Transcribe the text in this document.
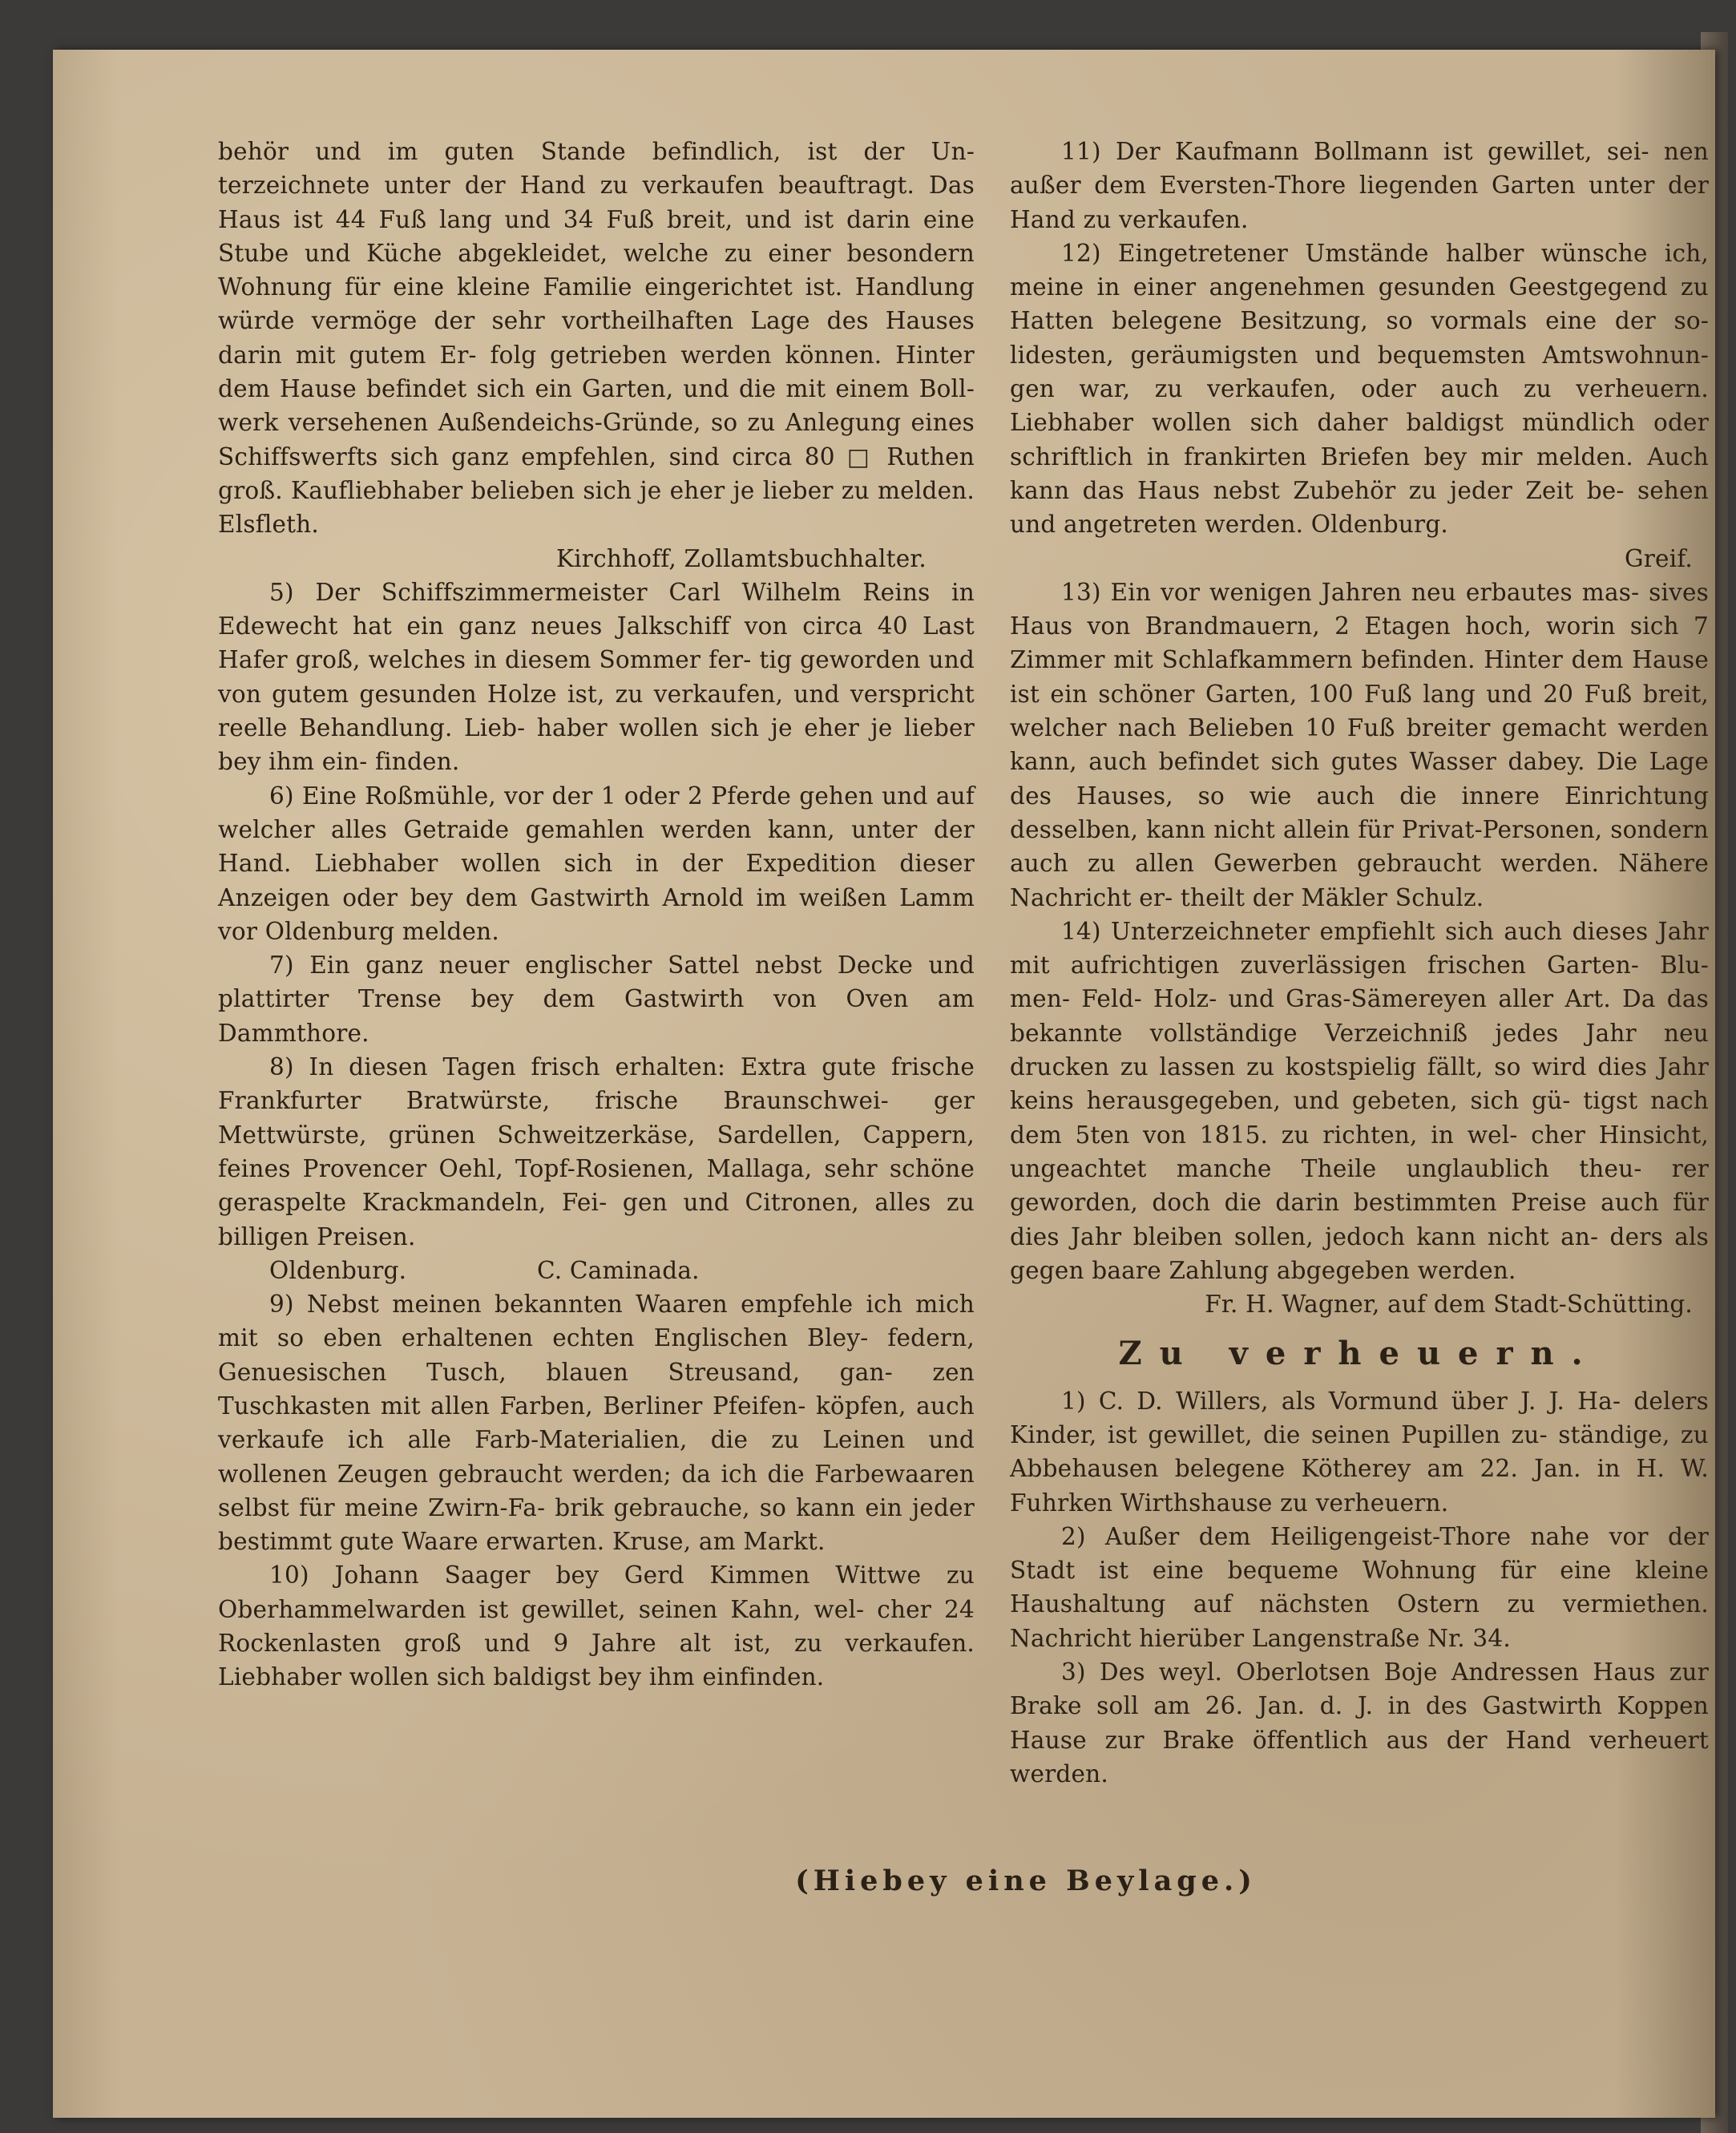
behör und im guten Stande befindlich, ist der Un- terzeichnete unter der Hand zu verkaufen beauftragt. Das Haus ist 44 Fuß lang und 34 Fuß breit, und ist darin eine Stube und Küche abgekleidet, welche zu einer besondern Wohnung für eine kleine Familie eingerichtet ist. Handlung würde vermöge der sehr vortheilhaften Lage des Hauses darin mit gutem Er- folg getrieben werden können. Hinter dem Hause befindet sich ein Garten, und die mit einem Boll- werk versehenen Außendeichs-Gründe, so zu Anlegung eines Schiffswerfts sich ganz empfehlen, sind circa 80 □ Ruthen groß. Kaufliebhaber belieben sich je eher je lieber zu melden. Elsfleth.

Kirchhoff, Zollamtsbuchhalter.

5) Der Schiffszimmermeister Carl Wilhelm Reins in Edewecht hat ein ganz neues Jalkschiff von circa 40 Last Hafer groß, welches in diesem Sommer fer- tig geworden und von gutem gesunden Holze ist, zu verkaufen, und verspricht reelle Behandlung. Lieb- haber wollen sich je eher je lieber bey ihm ein- finden.

6) Eine Roßmühle, vor der 1 oder 2 Pferde gehen und auf welcher alles Getraide gemahlen werden kann, unter der Hand. Liebhaber wollen sich in der Expedition dieser Anzeigen oder bey dem Gastwirth Arnold im weißen Lamm vor Oldenburg melden.

7) Ein ganz neuer englischer Sattel nebst Decke und plattirter Trense bey dem Gastwirth von Oven am Dammthore.

8) In diesen Tagen frisch erhalten: Extra gute frische Frankfurter Bratwürste, frische Braunschwei- ger Mettwürste, grünen Schweitzerkäse, Sardellen, Cappern, feines Provencer Oehl, Topf-Rosienen, Mallaga, sehr schöne geraspelte Krackmandeln, Fei- gen und Citronen, alles zu billigen Preisen.

Oldenburg.                 C. Caminada.

9) Nebst meinen bekannten Waaren empfehle ich mich mit so eben erhaltenen echten Englischen Bley- federn, Genuesischen Tusch, blauen Streusand, gan- zen Tuschkasten mit allen Farben, Berliner Pfeifen- köpfen, auch verkaufe ich alle Farb-Materialien, die zu Leinen und wollenen Zeugen gebraucht werden; da ich die Farbewaaren selbst für meine Zwirn-Fa- brik gebrauche, so kann ein jeder bestimmt gute Waare erwarten. Kruse, am Markt.

10) Johann Saager bey Gerd Kimmen Wittwe zu Oberhammelwarden ist gewillet, seinen Kahn, wel- cher 24 Rockenlasten groß und 9 Jahre alt ist, zu verkaufen. Liebhaber wollen sich baldigst bey ihm einfinden.

11) Der Kaufmann Bollmann ist gewillet, sei- nen außer dem Eversten-Thore liegenden Garten unter der Hand zu verkaufen.

12) Eingetretener Umstände halber wünsche ich, meine in einer angenehmen gesunden Geestgegend zu Hatten belegene Besitzung, so vormals eine der so- lidesten, geräumigsten und bequemsten Amtswohnun- gen war, zu verkaufen, oder auch zu verheuern. Liebhaber wollen sich daher baldigst mündlich oder schriftlich in frankirten Briefen bey mir melden. Auch kann das Haus nebst Zubehör zu jeder Zeit be- sehen und angetreten werden. Oldenburg.

Greif.

13) Ein vor wenigen Jahren neu erbautes mas- sives Haus von Brandmauern, 2 Etagen hoch, worin sich 7 Zimmer mit Schlafkammern befinden. Hinter dem Hause ist ein schöner Garten, 100 Fuß lang und 20 Fuß breit, welcher nach Belieben 10 Fuß breiter gemacht werden kann, auch befindet sich gutes Wasser dabey. Die Lage des Hauses, so wie auch die innere Einrichtung desselben, kann nicht allein für Privat-Personen, sondern auch zu allen Gewerben gebraucht werden. Nähere Nachricht er- theilt der Mäkler Schulz.

14) Unterzeichneter empfiehlt sich auch dieses Jahr mit aufrichtigen zuverlässigen frischen Garten- Blu- men- Feld- Holz- und Gras-Sämereyen aller Art. Da das bekannte vollständige Verzeichniß jedes Jahr neu drucken zu lassen zu kostspielig fällt, so wird dies Jahr keins herausgegeben, und gebeten, sich gü- tigst nach dem 5ten von 1815. zu richten, in wel- cher Hinsicht, ungeachtet manche Theile unglaublich theu- rer geworden, doch die darin bestimmten Preise auch für dies Jahr bleiben sollen, jedoch kann nicht an- ders als gegen baare Zahlung abgegeben werden.

Fr. H. Wagner, auf dem Stadt-Schütting.

Zu verheuern.

1) C. D. Willers, als Vormund über J. J. Ha- delers Kinder, ist gewillet, die seinen Pupillen zu- ständige, zu Abbehausen belegene Kötherey am 22. Jan. in H. W. Fuhrken Wirthshause zu verheuern.

2) Außer dem Heiligengeist-Thore nahe vor der Stadt ist eine bequeme Wohnung für eine kleine Haushaltung auf nächsten Ostern zu vermiethen. Nachricht hierüber Langenstraße Nr. 34.

3) Des weyl. Oberlotsen Boje Andressen Haus zur Brake soll am 26. Jan. d. J. in des Gastwirth Koppen Hause zur Brake öffentlich aus der Hand verheuert werden.

(Hiebey eine Beylage.)
